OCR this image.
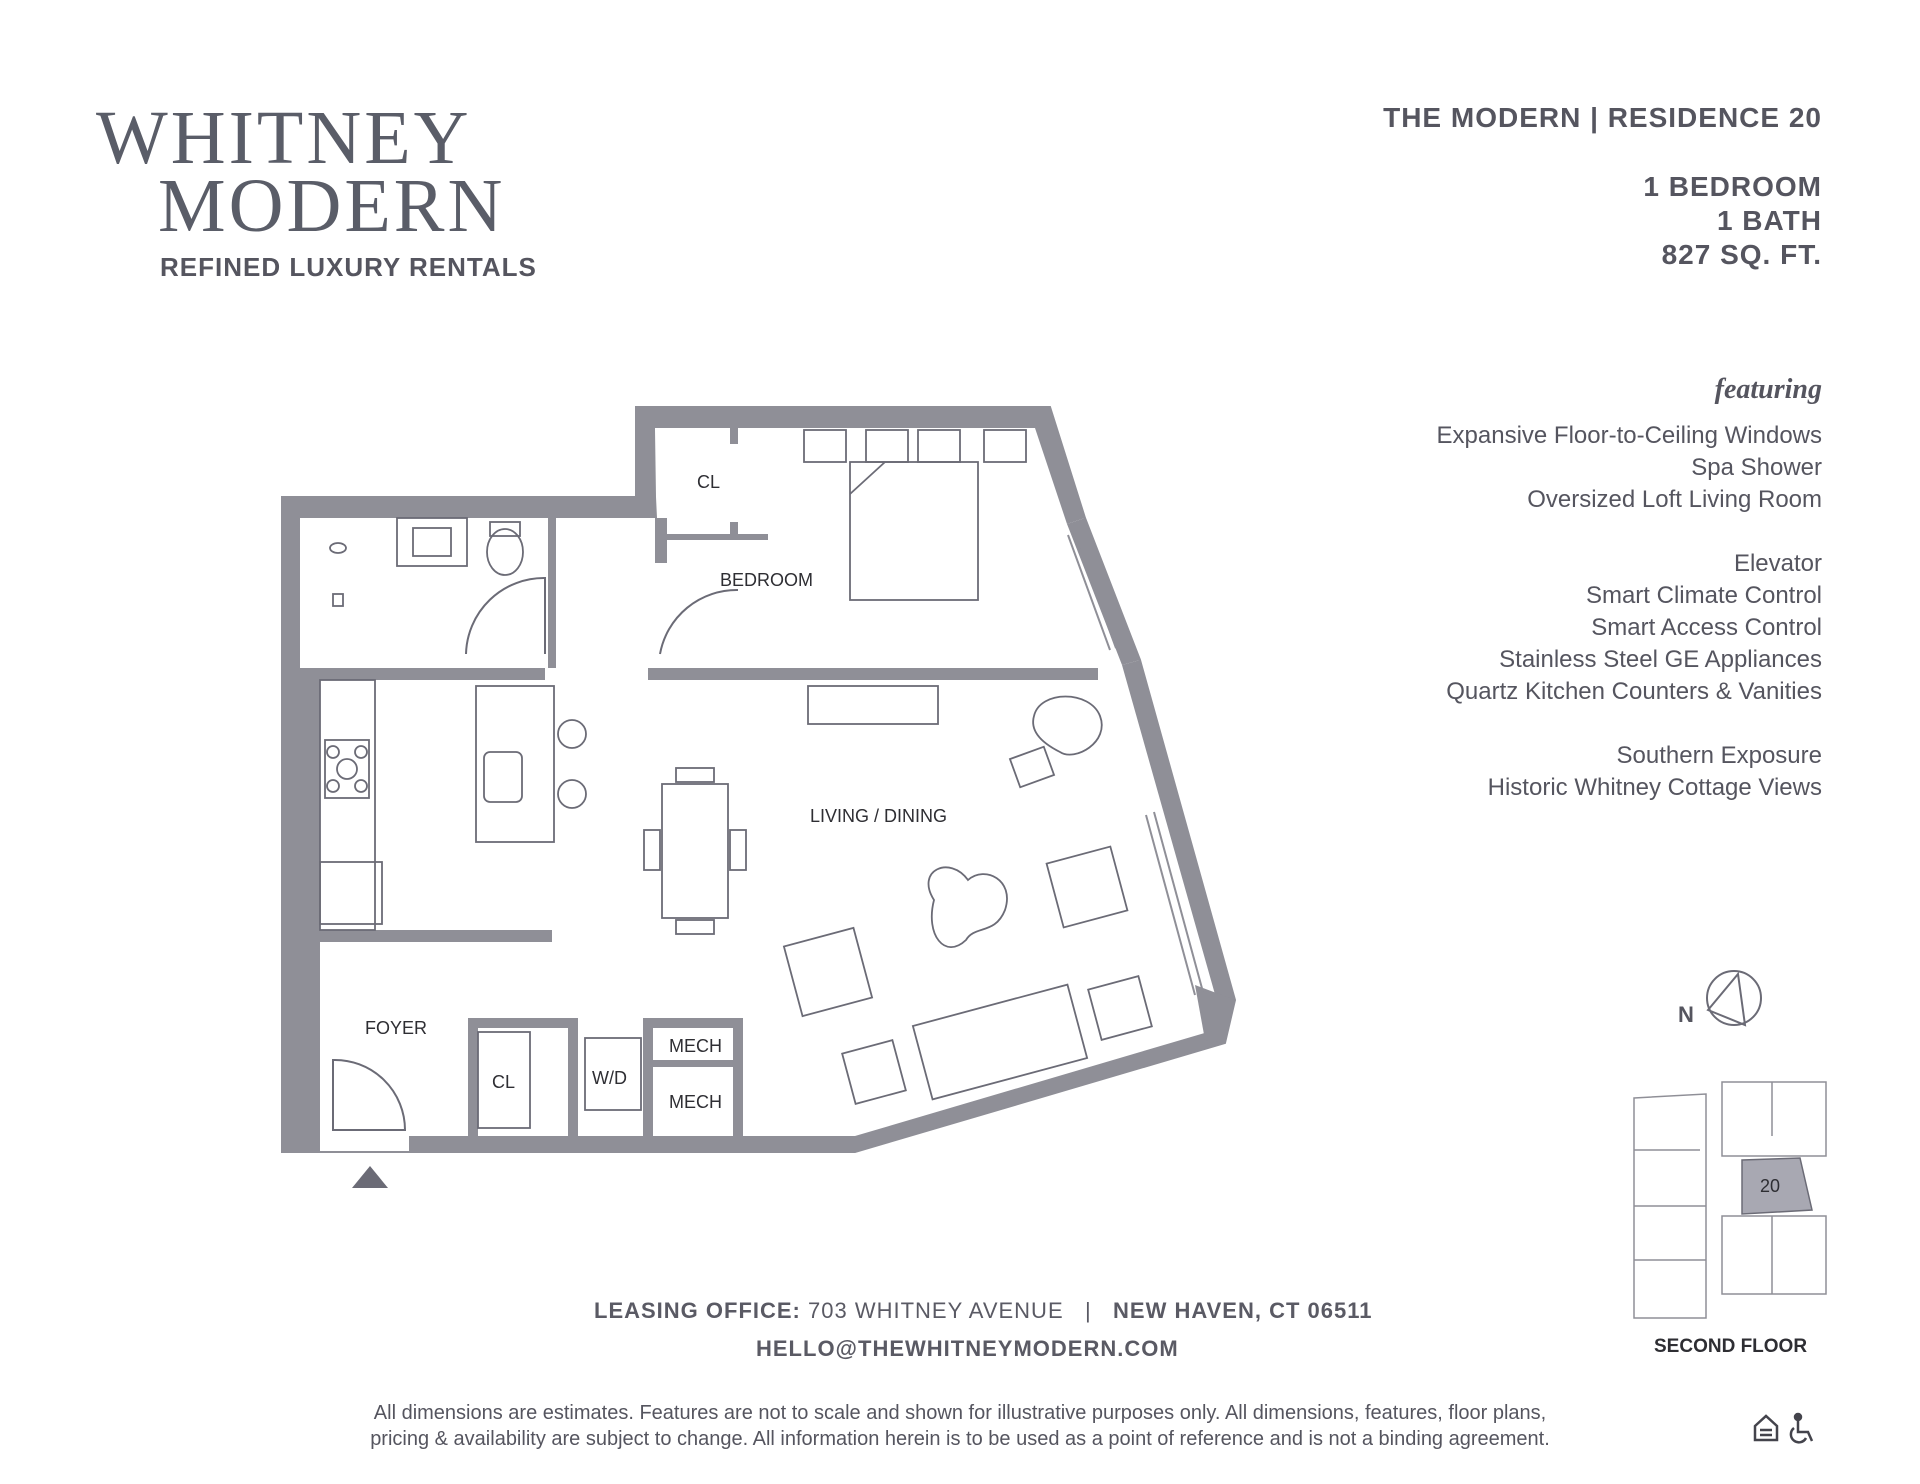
WHITNEY
MODERN
REFINED LUXURY RENTALS
THE MODERN | RESIDENCE 20
1 BEDROOM
1 BATH
827 SQ. FT.
featuring
Expansive Floor-to-Ceiling Windows
Spa Shower
Oversized Loft Living Room
Elevator
Smart Climate Control
Smart Access Control
Stainless Steel GE Appliances
Quartz Kitchen Counters & Vanities
Southern Exposure
Historic Whitney Cottage Views
CL
BEDROOM
LIVING / DINING
FOYER
CL	W/D
MECH
MECH
N
20
SECOND FLOOR
LEASING OFFICE: 703 WHITNEY AVENUE | NEW HAVEN, CT 06511
HELLO@THEWHITNEYMODERN.COM
All dimensions are estimates. Features are not to scale and shown for illustrative purposes only. All dimensions, features, floor plans,
pricing & availability are subject to change. All information herein is to be used as a point of reference and is not a binding agreement.
